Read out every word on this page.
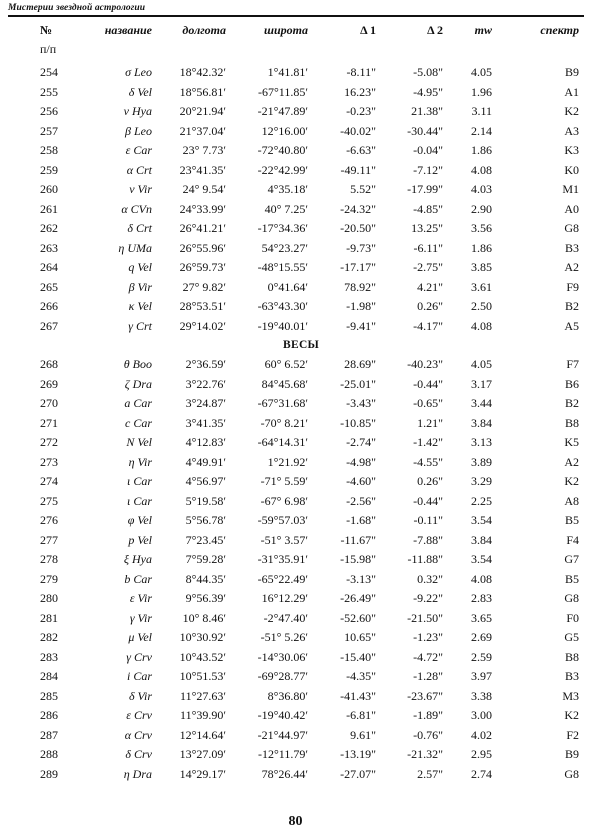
Мистерии звездной астрологии
№	название	долгота	широта	Δ 1	Δ 2	mw	спектр
п/п							
254	σ Leo	18°42.32′	1°41.81′	-8.11"	-5.08"	4.05	B9
255	δ Vel	18°56.81′	-67°11.85′	16.23"	-4.95"	1.96	A1
256	ν Hya	20°21.94′	-21°47.89′	-0.23"	21.38"	3.11	K2
257	β Leo	21°37.04′	12°16.00′	-40.02"	-30.44"	2.14	A3
258	ε Car	23° 7.73′	-72°40.80′	-6.63"	-0.04"	1.86	K3
259	α Crt	23°41.35′	-22°42.99′	-49.11"	-7.12"	4.08	K0
260	ν Vir	24° 9.54′	4°35.18′	5.52"	-17.99"	4.03	M1
261	α CVn	24°33.99′	40° 7.25′	-24.32"	-4.85"	2.90	A0
262	δ Crt	26°41.21′	-17°34.36′	-20.50"	13.25"	3.56	G8
263	η UMa	26°55.96′	54°23.27′	-9.73"	-6.11"	1.86	B3
264	q Vel	26°59.73′	-48°15.55′	-17.17"	-2.75"	3.85	A2
265	β Vir	27° 9.82′	0°41.64′	78.92"	4.21"	3.61	F9
266	κ Vel	28°53.51′	-63°43.30′	-1.98"	0.26"	2.50	B2
267	γ Crt	29°14.02′	-19°40.01′	-9.41"	-4.17"	4.08	A5
ВЕСЫ							
268	θ Boo	2°36.59′	60° 6.52′	28.69"	-40.23"	4.05	F7
269	ζ Dra	3°22.76′	84°45.68′	-25.01"	-0.44"	3.17	B6
270	a Car	3°24.87′	-67°31.68′	-3.43"	-0.65"	3.44	B2
271	c Car	3°41.35′	-70° 8.21′	-10.85"	1.21"	3.84	B8
272	N Vel	4°12.83′	-64°14.31′	-2.74"	-1.42"	3.13	K5
273	η Vir	4°49.91′	1°21.92′	-4.98"	-4.55"	3.89	A2
274	ι Car	4°56.97′	-71° 5.59′	-4.60"	0.26"	3.29	K2
275	ι Car	5°19.58′	-67° 6.98′	-2.56"	-0.44"	2.25	A8
276	φ Vel	5°56.78′	-59°57.03′	-1.68"	-0.11"	3.54	B5
277	p Vel	7°23.45′	-51° 3.57′	-11.67"	-7.88"	3.84	F4
278	ξ Hya	7°59.28′	-31°35.91′	-15.98"	-11.88"	3.54	G7
279	b Car	8°44.35′	-65°22.49′	-3.13"	0.32"	4.08	B5
280	ε Vir	9°56.39′	16°12.29′	-26.49"	-9.22"	2.83	G8
281	γ Vir	10° 8.46′	-2°47.40′	-52.60"	-21.50"	3.65	F0
282	μ Vel	10°30.92′	-51° 5.26′	10.65"	-1.23"	2.69	G5
283	γ Crv	10°43.52′	-14°30.06′	-15.40"	-4.72"	2.59	B8
284	i Car	10°51.53′	-69°28.77′	-4.35"	-1.28"	3.97	B3
285	δ Vir	11°27.63′	8°36.80′	-41.43"	-23.67"	3.38	M3
286	ε Crv	11°39.90′	-19°40.42′	-6.81"	-1.89"	3.00	K2
287	α Crv	12°14.64′	-21°44.97′	9.61"	-0.76"	4.02	F2
288	δ Crv	13°27.09′	-12°11.79′	-13.19"	-21.32"	2.95	B9
289	η Dra	14°29.17′	78°26.44′	-27.07"	2.57"	2.74	G8
80
